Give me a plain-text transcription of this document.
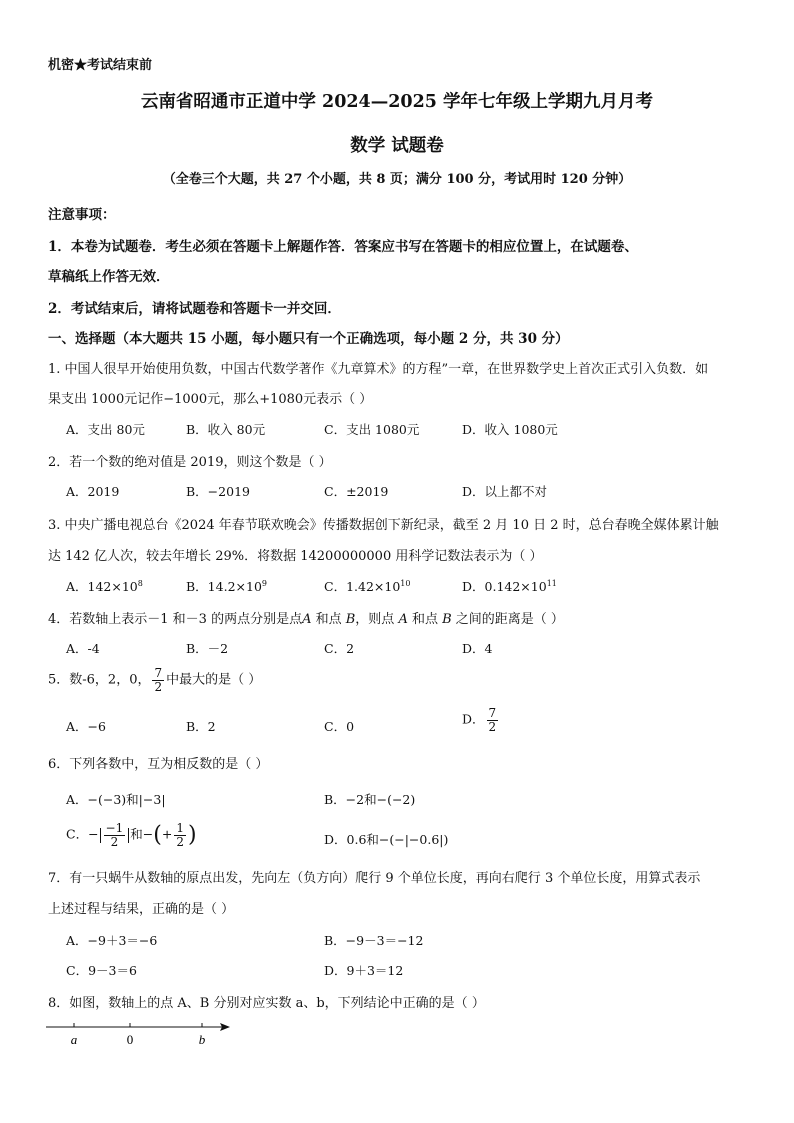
机密★考试结束前
云南省昭通市正道中学 2024—2025 学年七年级上学期九月月考
数学 试题卷
（全卷三个大题，共 27 个小题，共 8 页；满分 100 分，考试用时 120 分钟）
注意事项：
1．本卷为试题卷．考生必须在答题卡上解题作答．答案应书写在答题卡的相应位置上，在试题卷、
草稿纸上作答无效．
2．考试结束后，请将试题卷和答题卡一并交回．
一、选择题（本大题共 15 小题，每小题只有一个正确选项，每小题 2 分，共 30 分）
1. 中国人很早开始使用负数，中国古代数学著作《九章算术》的方程”一章，在世界数学史上首次正式引入负数．如
果支出 1000元记作−1000元，那么+1080元表示（ ）
A．支出 80元	B．收入 80元	C．支出 1080元	D．收入 1080元
2．若一个数的绝对值是 2019，则这个数是（ ）
A．2019	B．−2019	C．±2019	D．以上都不对
3. 中央广播电视总台《2024 年春节联欢晚会》传播数据创下新纪录，截至 2 月 10 日 2 时，总台春晚全媒体累计触
达 142 亿人次，较去年增长 29%．将数据 14200000000 用科学记数法表示为（ ）
A．$142\times 10^8$	B．$14.2\times 10^9$	C．$1.42\times 10^{10}$	D．$0.142\times 10^{11}$
4．若数轴上表示－1 和－3 的两点分别是点A 和点 B，则点 A 和点 B 之间的距离是（ ）
A．-4	B．－2	C．2	D．4
5．数-6，2，0， $\frac{7}{2}$ 中最大的是（ ）
A．−6	B．2	C．0	D． $\frac{7}{2}$
6．下列各数中，互为相反数的是（ ）
A．−(−3)和|−3|	B．−2和−(−2)
C．− $\frac{-1}{2}$ 和−(+ $\frac{1}{2}$ )	D．0.6和−(−|−0.6|)
7．有一只蜗牛从数轴的原点出发，先向左（负方向）爬行 9 个单位长度，再向右爬行 3 个单位长度，用算式表示
上述过程与结果，正确的是（ ）
A．−9＋3＝−6	B．−9－3＝−12
C．9－3＝6	D．9＋3＝12
8．如图，数轴上的点 A、B 分别对应实数 a、b，下列结论中正确的是（ ）
a	0	b
